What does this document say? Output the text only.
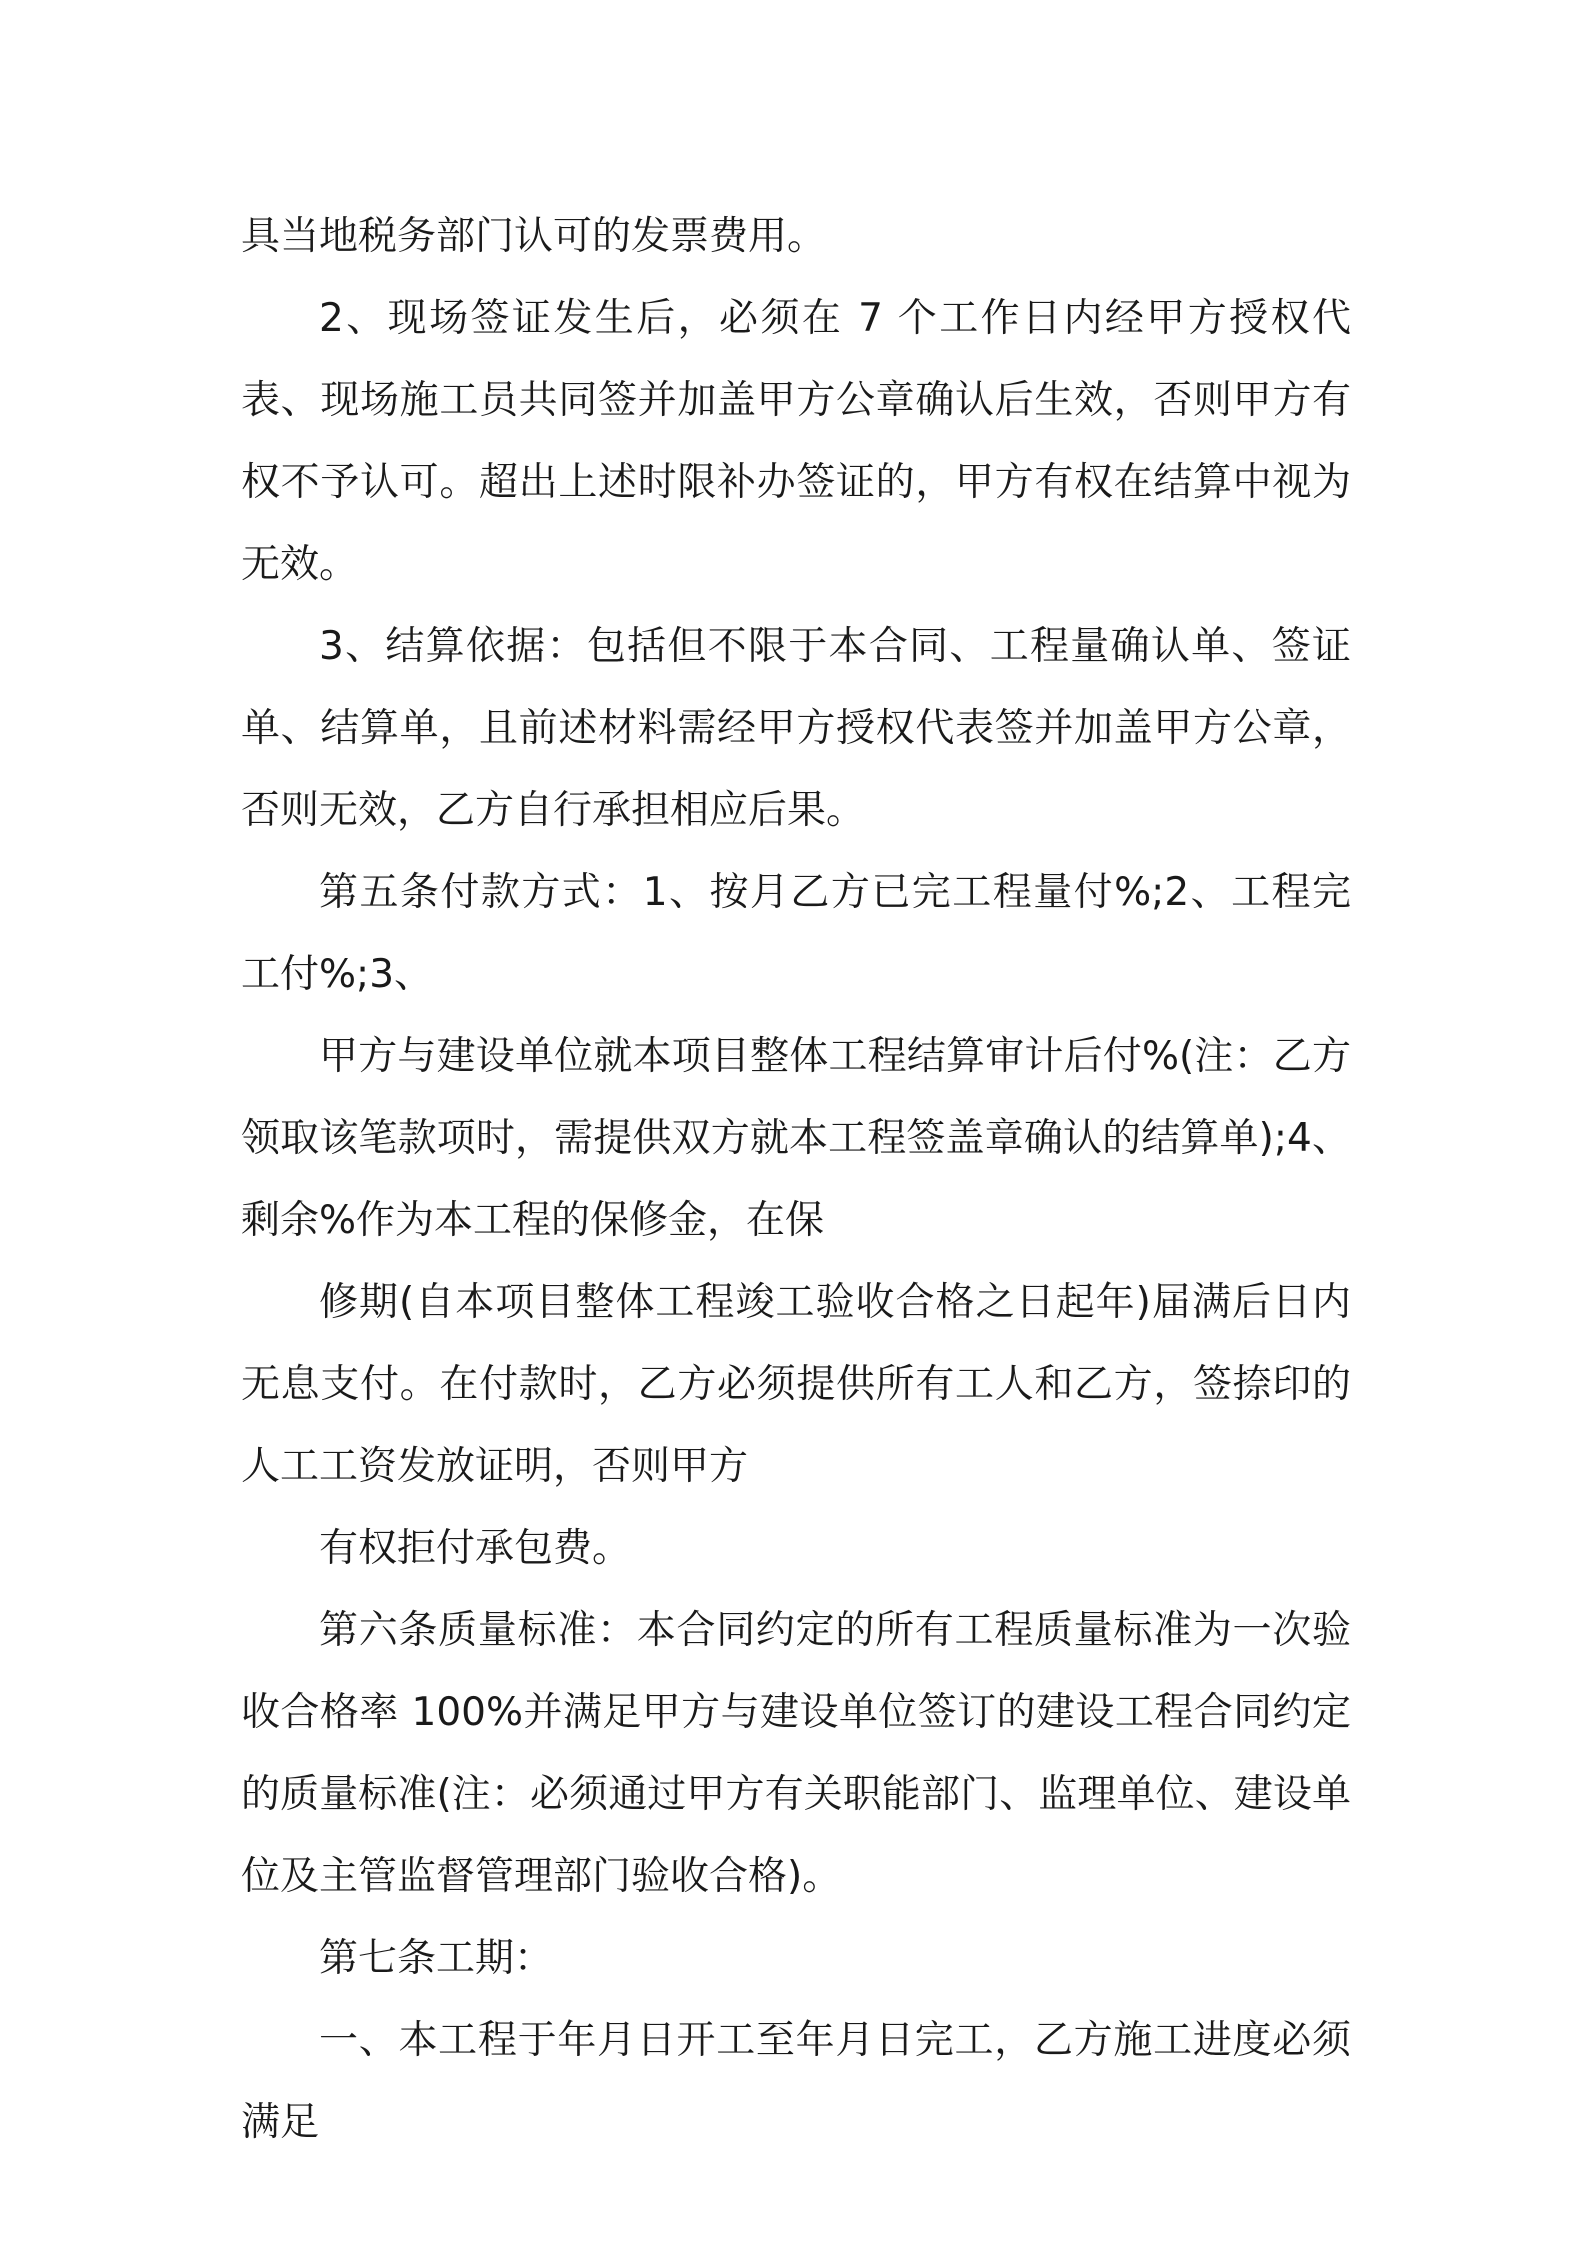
具当地税务部门认可的发票费用。

2、现场签证发生后，必须在 7 个工作日内经甲方授权代表、现场施工员共同签并加盖甲方公章确认后生效，否则甲方有权不予认可。超出上述时限补办签证的，甲方有权在结算中视为无效。

3、结算依据：包括但不限于本合同、工程量确认单、签证单、结算单，且前述材料需经甲方授权代表签并加盖甲方公章，否则无效，乙方自行承担相应后果。

第五条付款方式：1、按月乙方已完工程量付%;2、工程完工付%;3、

甲方与建设单位就本项目整体工程结算审计后付%(注：乙方领取该笔款项时，需提供双方就本工程签盖章确认的结算单);4、剩余%作为本工程的保修金，在保

修期(自本项目整体工程竣工验收合格之日起年)届满后日内无息支付。在付款时，乙方必须提供所有工人和乙方，签捺印的人工工资发放证明，否则甲方

有权拒付承包费。

第六条质量标准：本合同约定的所有工程质量标准为一次验收合格率 100%并满足甲方与建设单位签订的建设工程合同约定的质量标准(注：必须通过甲方有关职能部门、监理单位、建设单位及主管监督管理部门验收合格)。

第七条工期：

一、本工程于年月日开工至年月日完工，乙方施工进度必须满足
